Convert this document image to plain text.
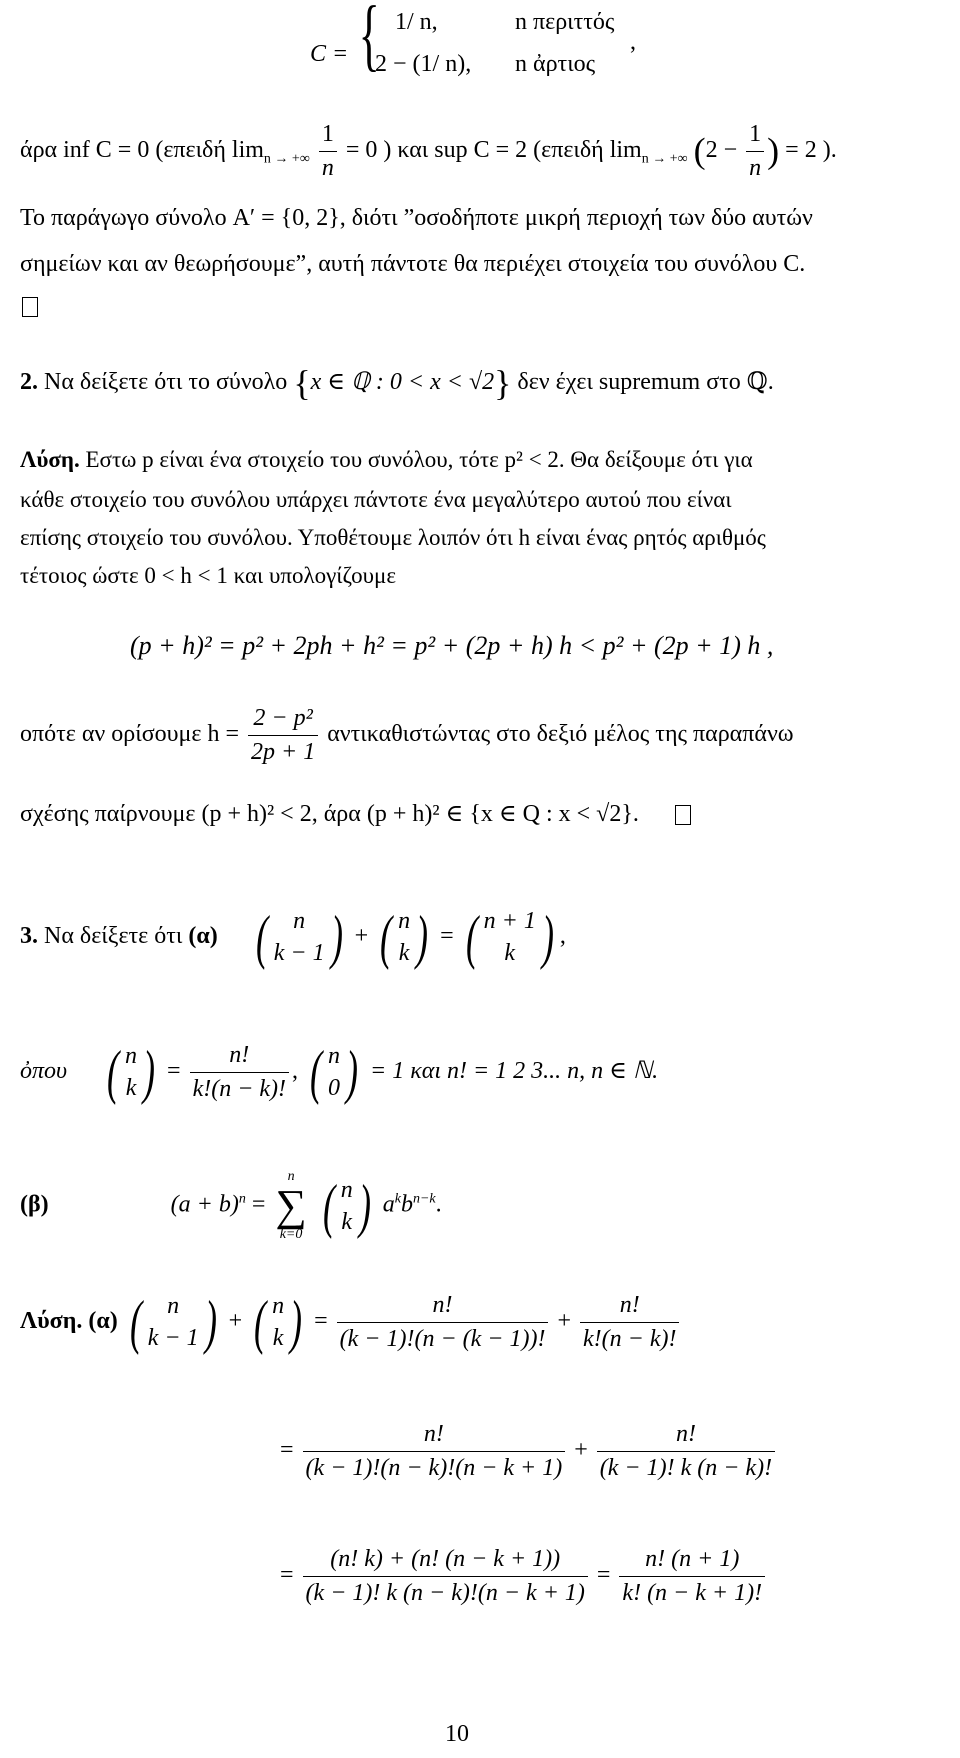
C = { 1/ n,	n περιττός
2 − (1/ n), n ἀρτιος
,
άρα inf C = 0 (επειδή $\lim_{n \to +\infty} \frac{1}{n} = 0$ ) και sup C = 2 (επειδή $\lim_{n \to +\infty} (2 - \frac{1}{n}$ ) = 2 ).
Το παράγωγο σύνολο A′ = {0, 2}, διότι ”οσοδήποτε μικρή περιοχή των δύο αυτών
σημείων και αν θεωρήσουμε”, αυτή πάντοτε θα περιέχει στοιχεία του συνόλου C.
2. Να δείξετε ότι το σύνολο {x ∈ ℚ : 0 < x < √2} δεν έχει supremum στο ℚ.
Λύση. Εστω p είναι ένα στοιχείο του συνόλου, τότε p² < 2. Θα δείξουμε ότι για
κάθε στοιχείο του συνόλου υπάρχει πάντοτε ένα μεγαλύτερο αυτού που είναι
επίσης στοιχείο του συνόλου. Υποθέτουμε λοιπόν ότι h είναι ένας ρητός αριθμός
τέτοιος ώστε 0 < h < 1 και υπολογίζουμε
(p + h)² = p² + 2ph + h² = p² + (2p + h) h < p² + (2p + 1) h ,
οπότε αν ορίσουμε $h = \frac{\text{2 − p²}}{2p + 1}$ αντικαθιστώντας στο δεξιό μέλος της παραπάνω
σχέσης παίρνουμε (p + h)² < 2, άρα (p + h)² ∈ {x ∈ Q : x < √2}.
3. Να δείξετε ότι (α) ( n
k − 1 ) + ( n
k ) = ( n + 1
k ) ,
ὀπου ( n
k ) = $\frac{n!}{k!(n - k)!}$ , ( n
0 ) = 1 και n! = 1 2 3... n, n ∈ ℕ.
(β)	$(a + b)^n$ =
n
∑
k=0
( n
k ) $a^kb^{n-k}$.
Λύση. (α) ( n
k − 1 ) + ( n
k ) = $\frac{n!}{(k - 1)!(n - (k - 1))!} + \frac{n!}{k!(n - k)!}$
= $\frac{n!}{(k - 1)!(n - k)!(n - k + 1)} + \frac{n!}{(k - 1)! k (n - k)!}$
= $\frac{(n! k) + (n! (n - k + 1))}{(k - 1)! k (n - k)!(n - k + 1)} = \frac{n! (n + 1)}{k! (n - k + 1)!}$
10
